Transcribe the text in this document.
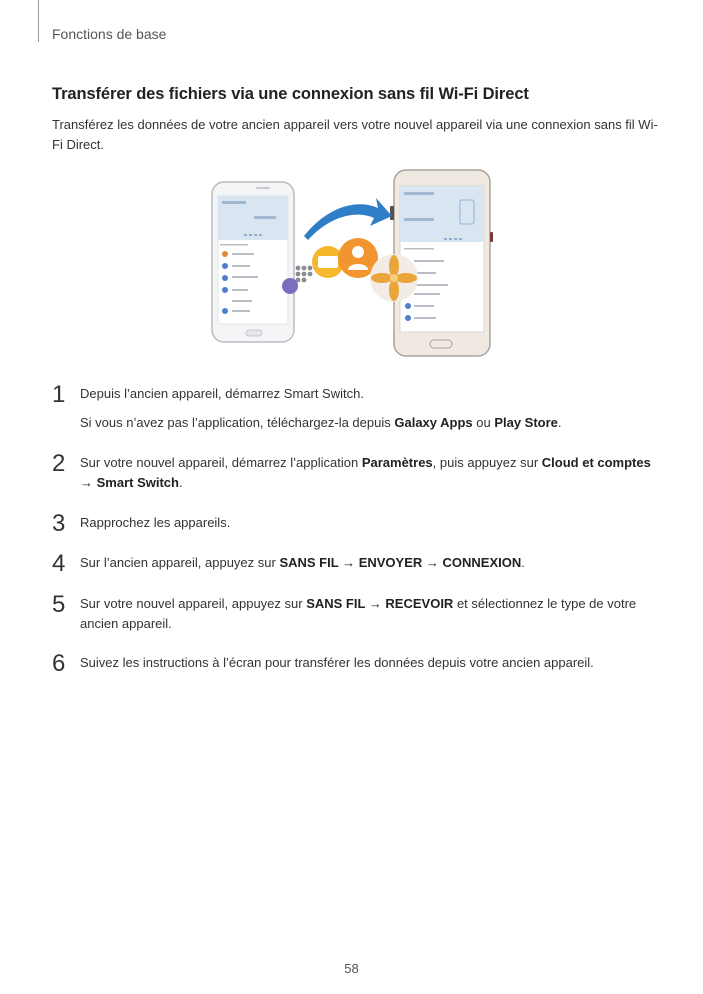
Fonctions de base
Transférer des fichiers via une connexion sans fil Wi-Fi Direct
Transférez les données de votre ancien appareil vers votre nouvel appareil via une connexion sans fil Wi-Fi Direct.
1 Depuis l’ancien appareil, démarrez Smart Switch.
Si vous n’avez pas l’application, téléchargez-la depuis Galaxy Apps ou Play Store.
2 Sur votre nouvel appareil, démarrez l’application Paramètres, puis appuyez sur Cloud et comptes → Smart Switch.
3 Rapprochez les appareils.
4 Sur l’ancien appareil, appuyez sur SANS FIL → ENVOYER → CONNEXION.
5 Sur votre nouvel appareil, appuyez sur SANS FIL → RECEVOIR et sélectionnez le type de votre ancien appareil.
6 Suivez les instructions à l’écran pour transférer les données depuis votre ancien appareil.
58
